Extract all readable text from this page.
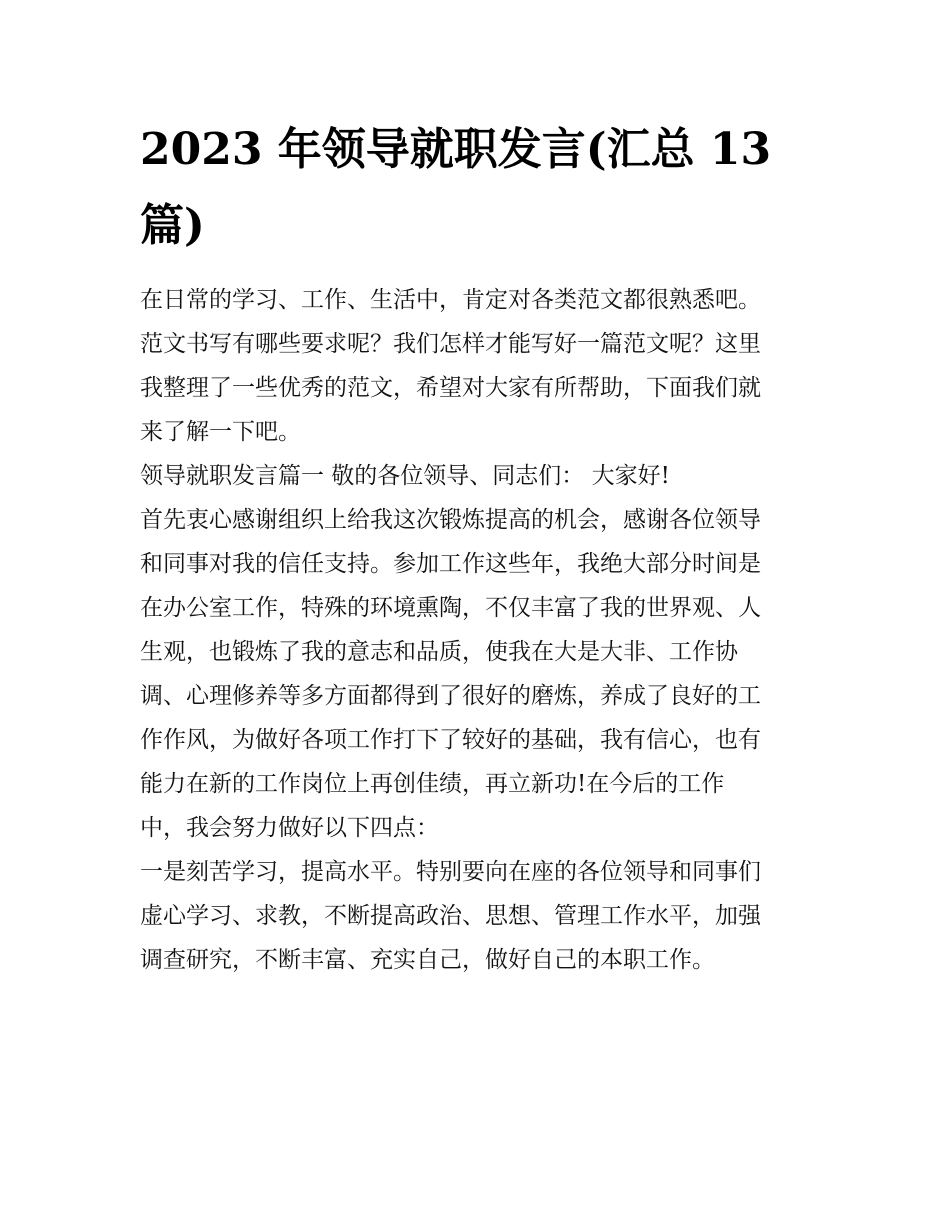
2023 年领导就职发言(汇总 13
篇)
在日常的学习、工作、生活中，肯定对各类范文都很熟悉吧。
范文书写有哪些要求呢？我们怎样才能写好一篇范文呢？这里
我整理了一些优秀的范文，希望对大家有所帮助，下面我们就
来了解一下吧。
领导就职发言篇一 敬的各位领导、同志们： 大家好!
首先衷心感谢组织上给我这次锻炼提高的机会，感谢各位领导
和同事对我的信任支持。参加工作这些年，我绝大部分时间是
在办公室工作，特殊的环境熏陶，不仅丰富了我的世界观、人
生观，也锻炼了我的意志和品质，使我在大是大非、工作协
调、心理修养等多方面都得到了很好的磨炼，养成了良好的工
作作风，为做好各项工作打下了较好的基础，我有信心，也有
能力在新的工作岗位上再创佳绩，再立新功!在今后的工作
中，我会努力做好以下四点：
一是刻苦学习，提高水平。特别要向在座的各位领导和同事们
虚心学习、求教，不断提高政治、思想、管理工作水平，加强
调查研究，不断丰富、充实自己，做好自己的本职工作。
